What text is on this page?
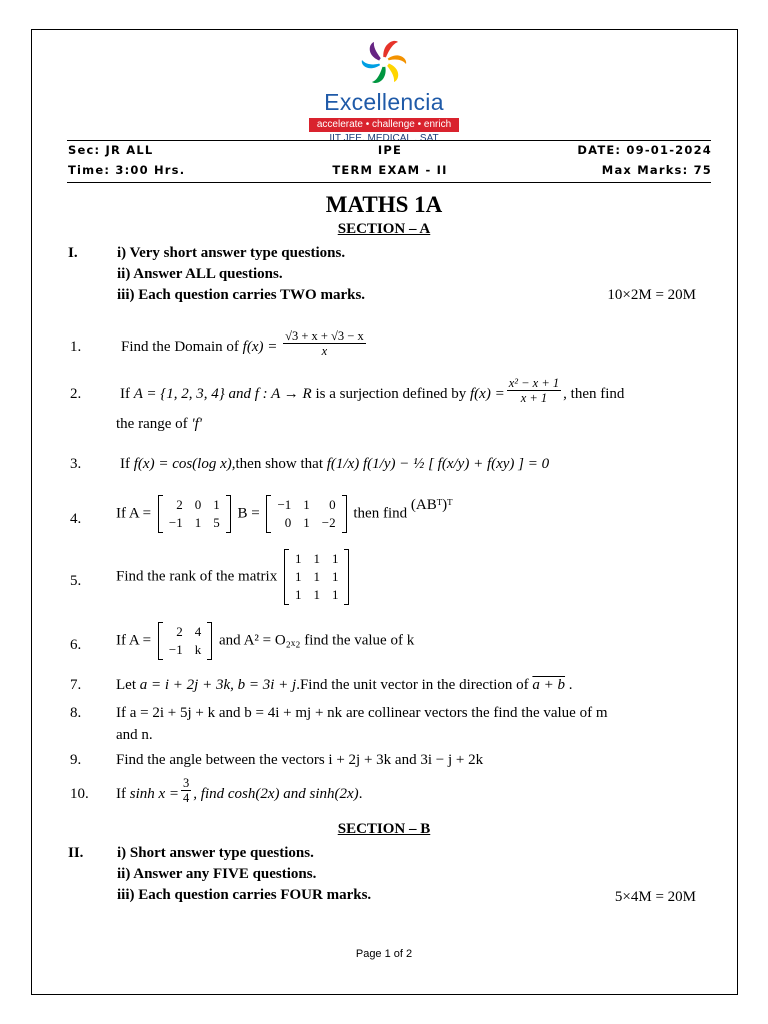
Excellencia
accelerate • challenge • enrich
IIT JEE. MEDICAL . SAT
Sec: JR ALL	IPE	DATE: 09-01-2024
Time: 3:00 Hrs.	TERM EXAM - II	Max Marks: 75
MATHS 1A
SECTION – A
I.	i) Very short answer type questions.
ii) Answer ALL questions.
iii) Each question carries TWO marks.	10×2M = 20M
1.	Find the Domain of $f(x) = \frac{√3 + x + √3 - x}{x}$
2.	If A = {1, 2, 3, 4} and f : A → R is a surjection defined by $f(x) = \frac{\text{x² − x + 1}}{x + 1}$ , then find
the range of 'f'
3.	If f(x) = cos(log x),then show that f(1/x) f(1/y) − ½ [ f(x/y) + f(xy) ] = 0
4. If A =
2	0	1
−1	1	5
B =
−1	1	0
0	1	−2
then find (ABᵀ)ᵀ
5. Find the rank of the matrix
1	1	1
1	1	1
1	1	1
6. If A =
2	4
−1	k
and A² = O₂ₓ₂ find the value of k
7. Let a = i + 2j + 3k, b = 3i + j.Find the unit vector in the direction of a + b .
8. If a = 2i + 5j + k and b = 4i + mj + nk are collinear vectors the find the value of m
and n.
9. Find the angle between the vectors i + 2j + 3k and 3i − j + 2k
10. If $\sinh x = \frac{3}{4}$ , find cosh(2x) and sinh(2x).
SECTION – B
II. i) Short answer type questions.
ii) Answer any FIVE questions.
iii) Each question carries FOUR marks.	5×4M = 20M
Page 1 of 2
